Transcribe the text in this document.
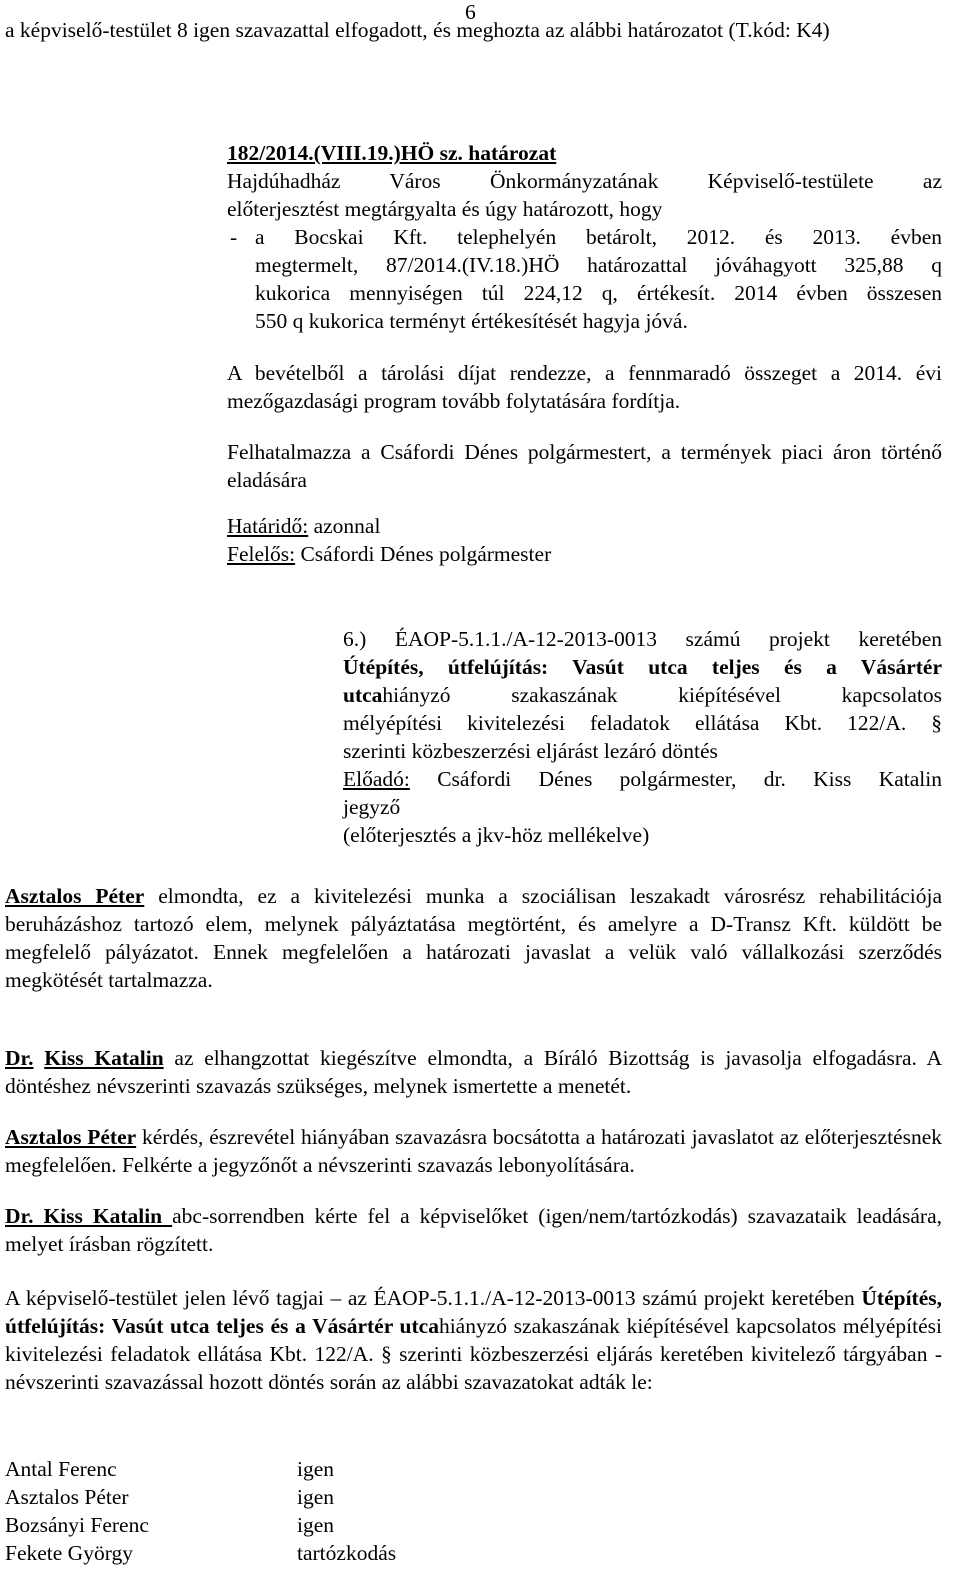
6
a képviselő-testület 8 igen szavazattal elfogadott, és meghozta az alábbi határozatot (T.kód: K4)
182/2014.(VIII.19.)HÖ sz. határozat
Hajdúhadház Város Önkormányzatának Képviselő-testülete az
előterjesztést megtárgyalta és úgy határozott, hogy
- a Bocskai Kft. telephelyén betárolt, 2012. és 2013. évben
megtermelt, 87/2014.(IV.18.)HÖ határozattal jóváhagyott 325,88 q
kukorica mennyiségen túl 224,12 q, értékesít. 2014 évben összesen
550 q kukorica terményt értékesítését hagyja jóvá.
A bevételből a tárolási díjat rendezze, a fennmaradó összeget a 2014. évi mezőgazdasági program tovább folytatására fordítja.
Felhatalmazza a Csáfordi Dénes polgármestert, a termények piaci áron történő eladására
Határidő: azonnal
Felelős: Csáfordi Dénes polgármester
6.) ÉAOP-5.1.1./A-12-2013-0013 számú projekt keretében
Útépítés, útfelújítás: Vasút utca teljes és a Vásártér
utcahiányzó szakaszának kiépítésével kapcsolatos
mélyépítési kivitelezési feladatok ellátása Kbt. 122/A. §
szerinti közbeszerzési eljárást lezáró döntés
Előadó: Csáfordi Dénes polgármester, dr. Kiss Katalin
jegyző
(előterjesztés a jkv-höz mellékelve)
Asztalos Péter elmondta, ez a kivitelezési munka a szociálisan leszakadt városrész rehabilitációja beruházáshoz tartozó elem, melynek pályáztatása megtörtént, és amelyre a D-Transz Kft. küldött be megfelelő pályázatot. Ennek megfelelően a határozati javaslat a velük való vállalkozási szerződés megkötését tartalmazza.
Dr. Kiss Katalin az elhangzottat kiegészítve elmondta, a Bíráló Bizottság is javasolja elfogadásra. A döntéshez névszerinti szavazás szükséges, melynek ismertette a menetét.
Asztalos Péter kérdés, észrevétel hiányában szavazásra bocsátotta a határozati javaslatot az előterjesztésnek megfelelően. Felkérte a jegyzőnőt a névszerinti szavazás lebonyolítására.
Dr. Kiss Katalin abc-sorrendben kérte fel a képviselőket (igen/nem/tartózkodás) szavazataik leadására, melyet írásban rögzített.
A képviselő-testület jelen lévő tagjai – az ÉAOP-5.1.1./A-12-2013-0013 számú projekt keretében Útépítés, útfelújítás: Vasút utca teljes és a Vásártér utcahiányzó szakaszának kiépítésével kapcsolatos mélyépítési kivitelezési feladatok ellátása Kbt. 122/A. § szerinti közbeszerzési eljárás keretében kivitelező tárgyában - névszerinti szavazással hozott döntés során az alábbi szavazatokat adták le:
Antal Ferenc	igen
Asztalos Péter	igen
Bozsányi Ferenc	igen
Fekete György	tartózkodás
